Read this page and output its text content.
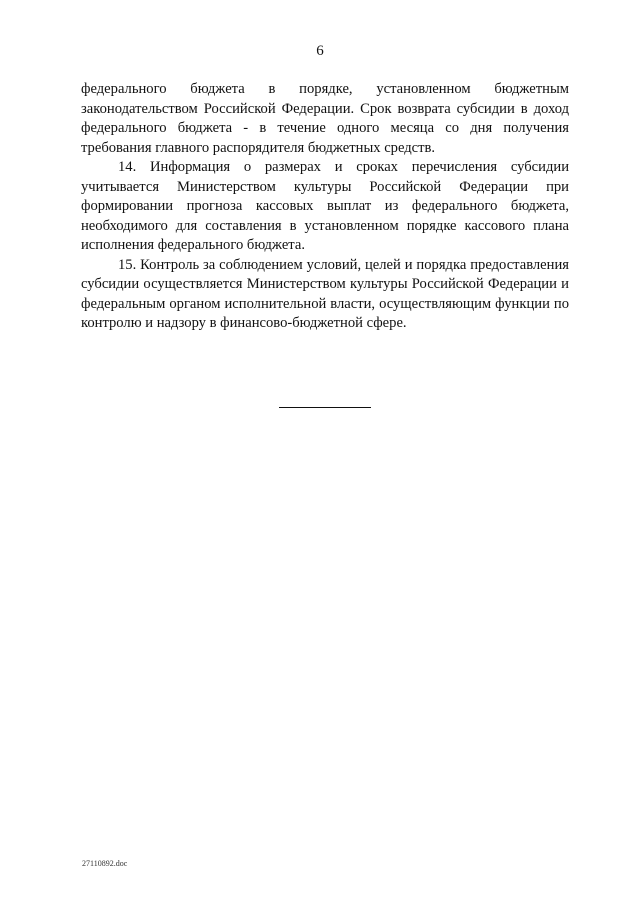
6

федерального бюджета в порядке, установленном бюджетным законодательством Российской Федерации. Срок возврата субсидии в доход федерального бюджета - в течение одного месяца со дня получения требования главного распорядителя бюджетных средств.

14. Информация о размерах и сроках перечисления субсидии учитывается Министерством культуры Российской Федерации при формировании прогноза кассовых выплат из федерального бюджета, необходимого для составления в установленном порядке кассового плана исполнения федерального бюджета.

15. Контроль за соблюдением условий, целей и порядка предоставления субсидии осуществляется Министерством культуры Российской Федерации и федеральным органом исполнительной власти, осуществляющим функции по контролю и надзору в финансово-бюджетной сфере.

27110892.doc
